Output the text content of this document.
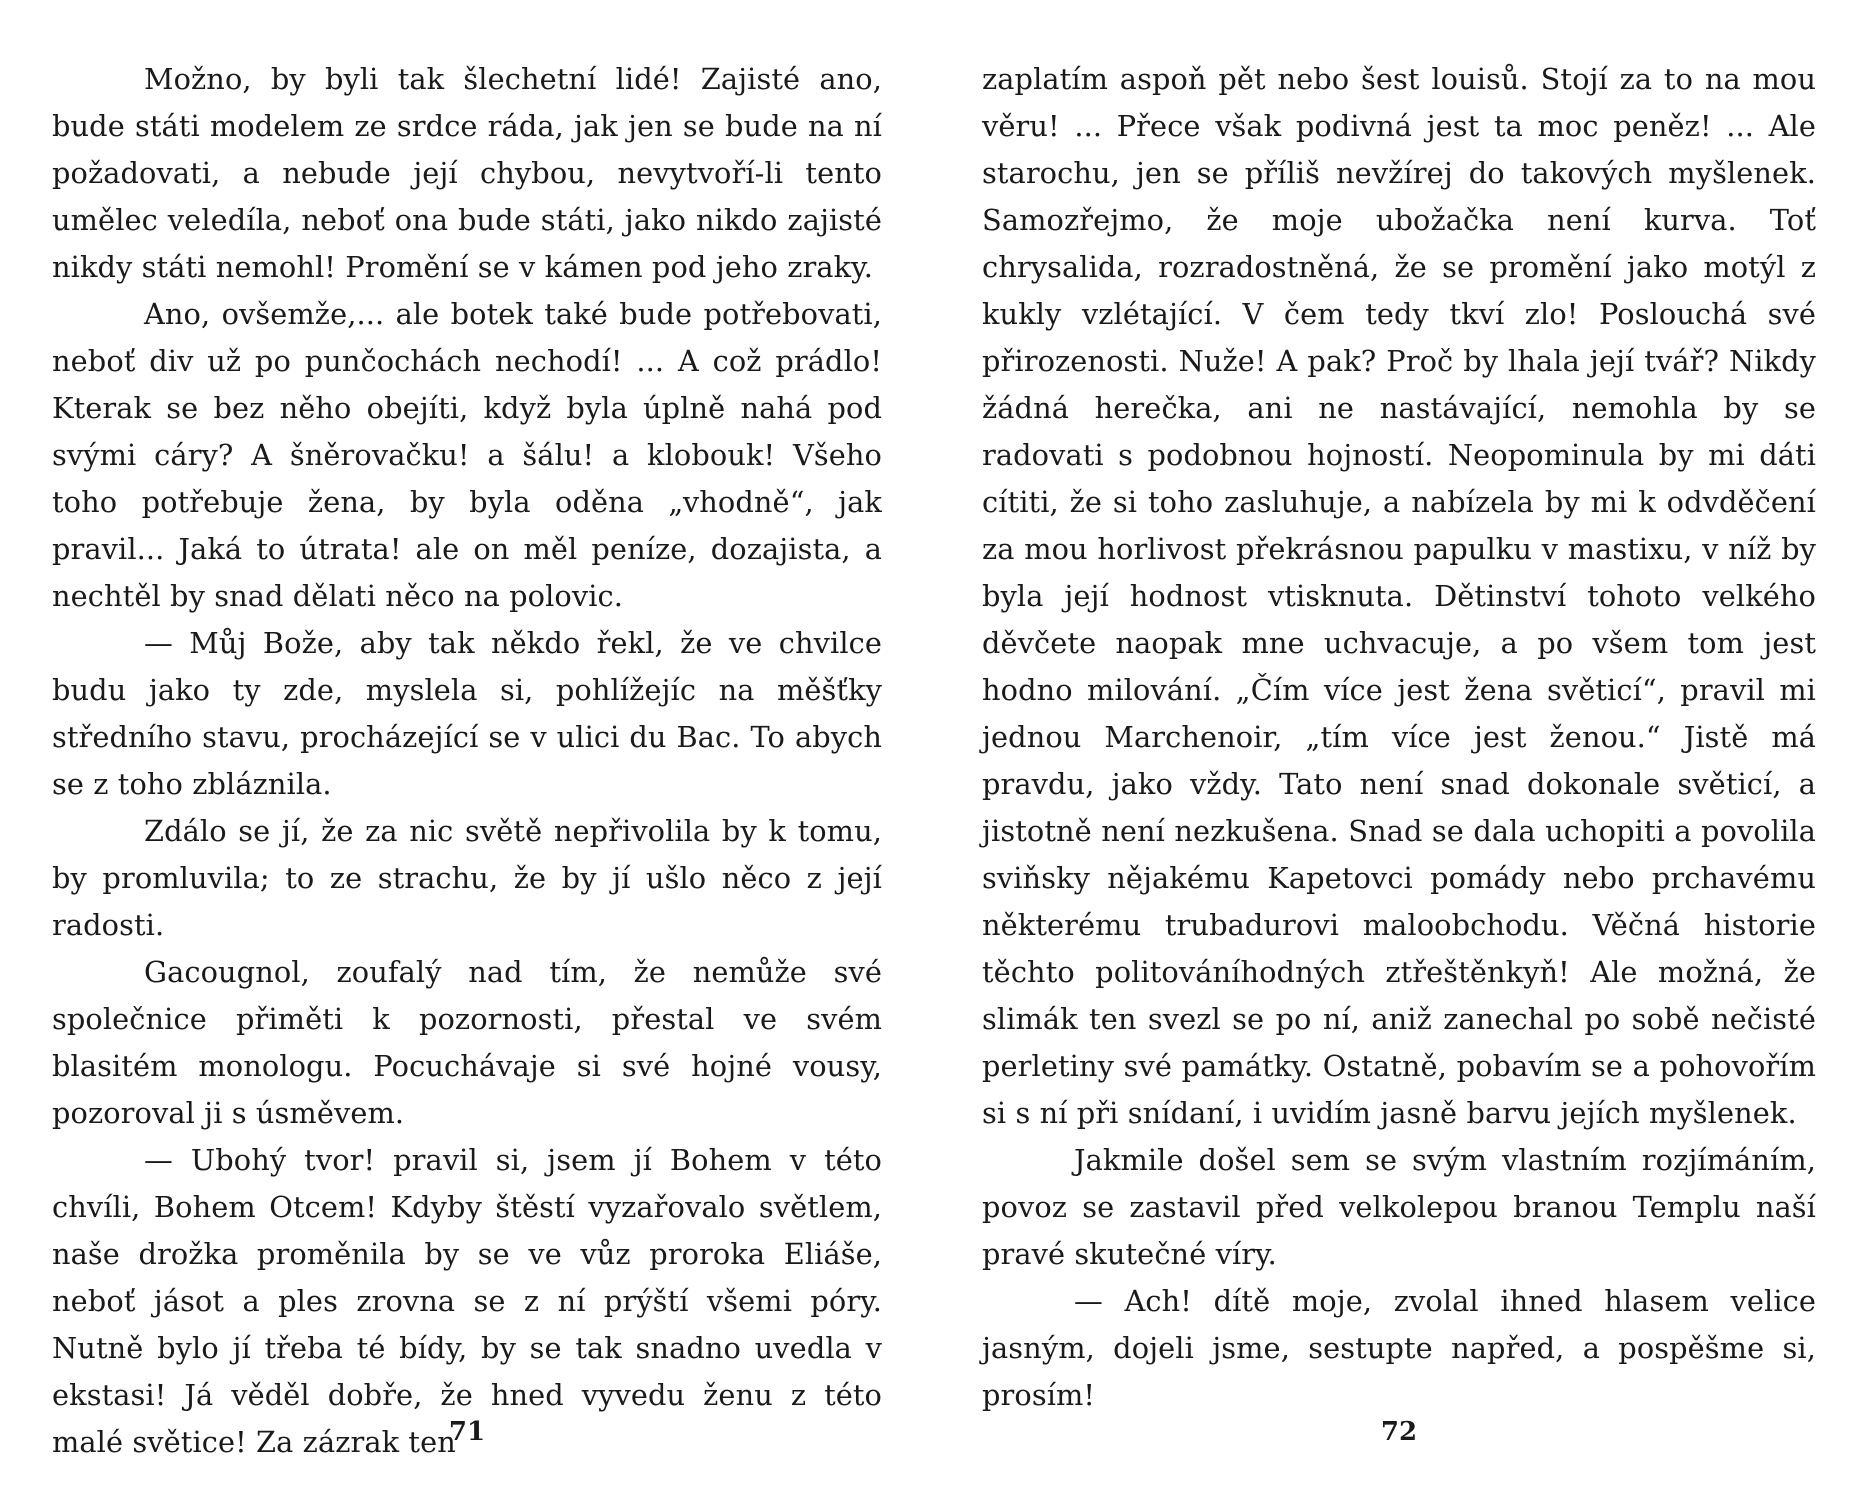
Možno, by byli tak šlechetní lidé! Zajisté ano, bude státi modelem ze srdce ráda, jak jen se bude na ní požadovati, a nebude její chybou, nevytvoří-li tento umělec veledíla, neboť ona bude státi, jako nikdo zajisté nikdy státi nemohl! Promění se v kámen pod jeho zraky.

Ano, ovšemže,... ale botek také bude potřebovati, neboť div už po punčochách nechodí! ... A což prádlo! Kterak se bez něho obejíti, když byla úplně nahá pod svými cáry? A šněrovačku! a šálu! a klobouk! Všeho toho potřebuje žena, by byla oděna „vhodně“, jak pravil... Jaká to útrata! ale on měl peníze, dozajista, a nechtěl by snad dělati něco na polovic.

— Můj Bože, aby tak někdo řekl, že ve chvilce budu jako ty zde, myslela si, pohlížejíc na měšťky středního stavu, procházející se v ulici du Bac. To abych se z toho zbláznila.

Zdálo se jí, že za nic světě nepřivolila by k tomu, by promluvila; to ze strachu, že by jí ušlo něco z její radosti.

Gacougnol, zoufalý nad tím, že nemůže své společnice přiměti k pozornosti, přestal ve svém blasitém monologu. Pocuchávaje si své hojné vousy, pozoroval ji s úsměvem.

— Ubohý tvor! pravil si, jsem jí Bohem v této chvíli, Bohem Otcem! Kdyby štěstí vyzařovalo světlem, naše drožka proměnila by se ve vůz proroka Eliáše, neboť jásot a ples zrovna se z ní prýští všemi póry. Nutně bylo jí třeba té bídy, by se tak snadno uvedla v ekstasi! Já věděl dobře, že hned vyvedu ženu z této malé světice! Za zázrak ten

71

zaplatím aspoň pět nebo šest louisů. Stojí za to na mou věru! ... Přece však podivná jest ta moc peněz! ... Ale starochu, jen se příliš nevžírej do takových myšlenek. Samozřejmo, že moje ubožačka není kurva. Toť chrysalida, rozradostněná, že se promění jako motýl z kukly vzlétající. V čem tedy tkví zlo! Poslouchá své přirozenosti. Nuže! A pak? Proč by lhala její tvář? Nikdy žádná herečka, ani ne nastávající, nemohla by se radovati s podobnou hojností. Neopominula by mi dáti cítiti, že si toho zasluhuje, a nabízela by mi k odvděčení za mou horlivost překrásnou papulku v mastixu, v níž by byla její hodnost vtisknuta. Dětinství tohoto velkého děvčete naopak mne uchvacuje, a po všem tom jest hodno milování. „Čím více jest žena světicí“, pravil mi jednou Marchenoir, „tím více jest ženou.“ Jistě má pravdu, jako vždy. Tato není snad dokonale světicí, a jistotně není nezkušena. Snad se dala uchopiti a povolila sviňsky nějakému Kapetovci pomády nebo prchavému některému trubadurovi maloobchodu. Věčná historie těchto politováníhodných ztřeštěnkyň! Ale možná, že slimák ten svezl se po ní, aniž zanechal po sobě nečisté perletiny své památky. Ostatně, pobavím se a pohovořím si s ní při snídaní, i uvidím jasně barvu jejích myšlenek.

Jakmile došel sem se svým vlastním rozjímáním, povoz se zastavil před velkolepou branou Templu naší pravé skutečné víry.

— Ach! dítě moje, zvolal ihned hlasem velice jasným, dojeli jsme, sestupte napřed, a pospěšme si, prosím!

72
